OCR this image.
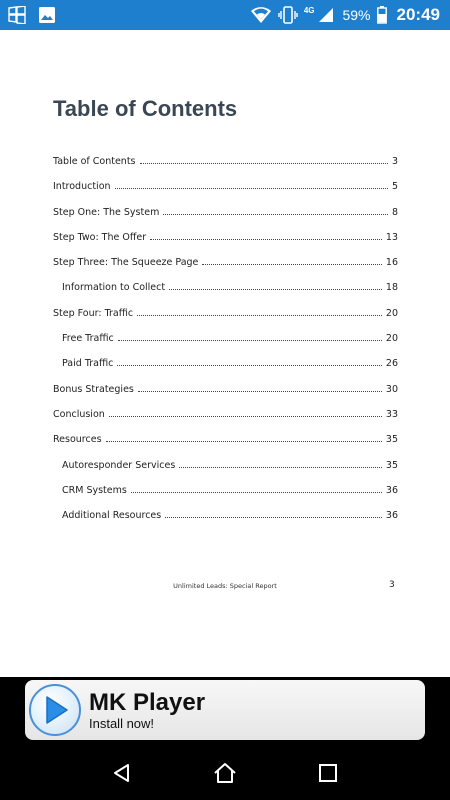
4G 59% 20:49
Table of Contents
Table of Contents	3
Introduction	5
Step One: The System	8
Step Two: The Offer	13
Step Three: The Squeeze Page	16
Information to Collect	18
Step Four: Traffic	20
Free Traffic	20
Paid Traffic	26
Bonus Strategies	30
Conclusion	33
Resources	35
Autoresponder Services	35
CRM Systems	36
Additional Resources	36
Unlimited Leads: Special Report	3
MK Player
Install now!
